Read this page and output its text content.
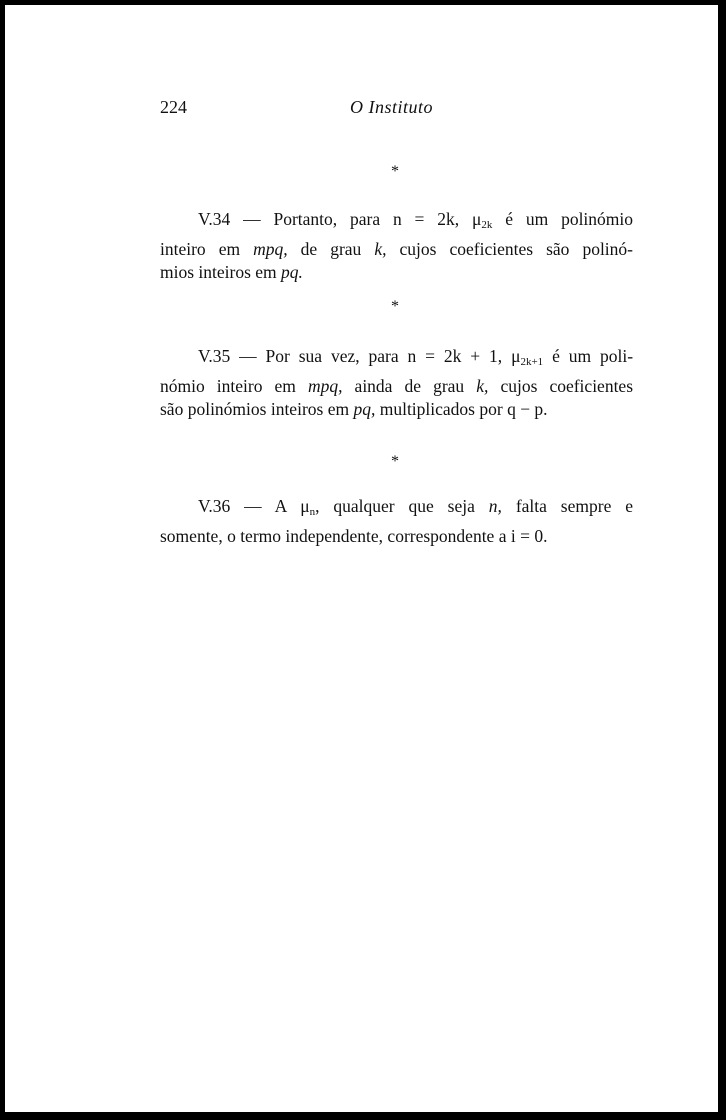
224	O Instituto
*
V.34 — Portanto, para n = 2k, $\mu_{2k}$ é um polinómio
inteiro em mpq, de grau k, cujos coeficientes são polinó-
mios inteiros em pq.
*
V.35 — Por sua vez, para n = 2k + 1, $\mu_{2k+1}$ é um poli-
nómio inteiro em mpq, ainda de grau k, cujos coeficientes
são polinómios inteiros em pq, multiplicados por q − p.
*
V.36 — A $\mu_n$, qualquer que seja n, falta sempre e
somente, o termo independente, correspondente a i = 0.
